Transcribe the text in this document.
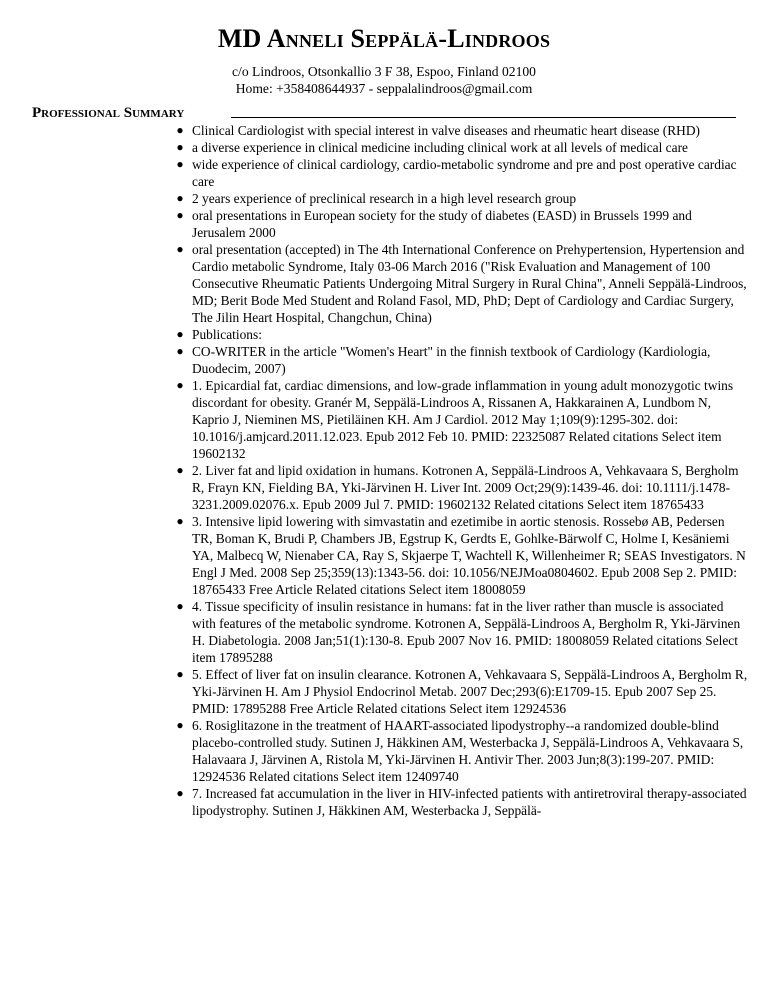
MD Anneli Seppälä-Lindroos
c/o Lindroos, Otsonkallio 3 F 38, Espoo, Finland 02100
Home: +358408644937 - seppalalindroos@gmail.com
Professional Summary
● Clinical Cardiologist with special interest in valve diseases and rheumatic heart disease (RHD)
● a diverse experience in clinical medicine including clinical work at all levels of medical care
● wide experience of clinical cardiology, cardio-metabolic syndrome and pre and post operative cardiac care
● 2 years experience of preclinical research in a high level research group
● oral presentations in European society for the study of diabetes (EASD) in Brussels 1999 and Jerusalem 2000
● oral presentation (accepted) in The 4th International Conference on Prehypertension, Hypertension and Cardio metabolic Syndrome, Italy 03-06 March 2016 ("Risk Evaluation and Management of 100 Consecutive Rheumatic Patients Undergoing Mitral Surgery in Rural China", Anneli Seppälä-Lindroos, MD; Berit Bode Med Student and Roland Fasol, MD, PhD; Dept of Cardiology and Cardiac Surgery, The Jilin Heart Hospital, Changchun, China)
● Publications:
● CO-WRITER in the article "Women's Heart" in the finnish textbook of Cardiology (Kardiologia, Duodecim, 2007)
● 1. Epicardial fat, cardiac dimensions, and low-grade inflammation in young adult monozygotic twins discordant for obesity. Granér M, Seppälä-Lindroos A, Rissanen A, Hakkarainen A, Lundbom N, Kaprio J, Nieminen MS, Pietiläinen KH. Am J Cardiol. 2012 May 1;109(9):1295-302. doi: 10.1016/j.amjcard.2011.12.023. Epub 2012 Feb 10. PMID: 22325087 Related citations Select item 19602132
● 2. Liver fat and lipid oxidation in humans. Kotronen A, Seppälä-Lindroos A, Vehkavaara S, Bergholm R, Frayn KN, Fielding BA, Yki-Järvinen H. Liver Int. 2009 Oct;29(9):1439-46. doi: 10.1111/j.1478-3231.2009.02076.x. Epub 2009 Jul 7. PMID: 19602132 Related citations Select item 18765433
● 3. Intensive lipid lowering with simvastatin and ezetimibe in aortic stenosis. Rossebø AB, Pedersen TR, Boman K, Brudi P, Chambers JB, Egstrup K, Gerdts E, Gohlke-Bärwolf C, Holme I, Kesäniemi YA, Malbecq W, Nienaber CA, Ray S, Skjaerpe T, Wachtell K, Willenheimer R; SEAS Investigators. N Engl J Med. 2008 Sep 25;359(13):1343-56. doi: 10.1056/NEJMoa0804602. Epub 2008 Sep 2. PMID: 18765433 Free Article Related citations Select item 18008059
● 4. Tissue specificity of insulin resistance in humans: fat in the liver rather than muscle is associated with features of the metabolic syndrome. Kotronen A, Seppälä-Lindroos A, Bergholm R, Yki-Järvinen H. Diabetologia. 2008 Jan;51(1):130-8. Epub 2007 Nov 16. PMID: 18008059 Related citations Select item 17895288
● 5. Effect of liver fat on insulin clearance. Kotronen A, Vehkavaara S, Seppälä-Lindroos A, Bergholm R, Yki-Järvinen H. Am J Physiol Endocrinol Metab. 2007 Dec;293(6):E1709-15. Epub 2007 Sep 25. PMID: 17895288 Free Article Related citations Select item 12924536
● 6. Rosiglitazone in the treatment of HAART-associated lipodystrophy--a randomized double-blind placebo-controlled study. Sutinen J, Häkkinen AM, Westerbacka J, Seppälä-Lindroos A, Vehkavaara S, Halavaara J, Järvinen A, Ristola M, Yki-Järvinen H. Antivir Ther. 2003 Jun;8(3):199-207. PMID: 12924536 Related citations Select item 12409740
● 7. Increased fat accumulation in the liver in HIV-infected patients with antiretroviral therapy-associated lipodystrophy. Sutinen J, Häkkinen AM, Westerbacka J, Seppälä-
